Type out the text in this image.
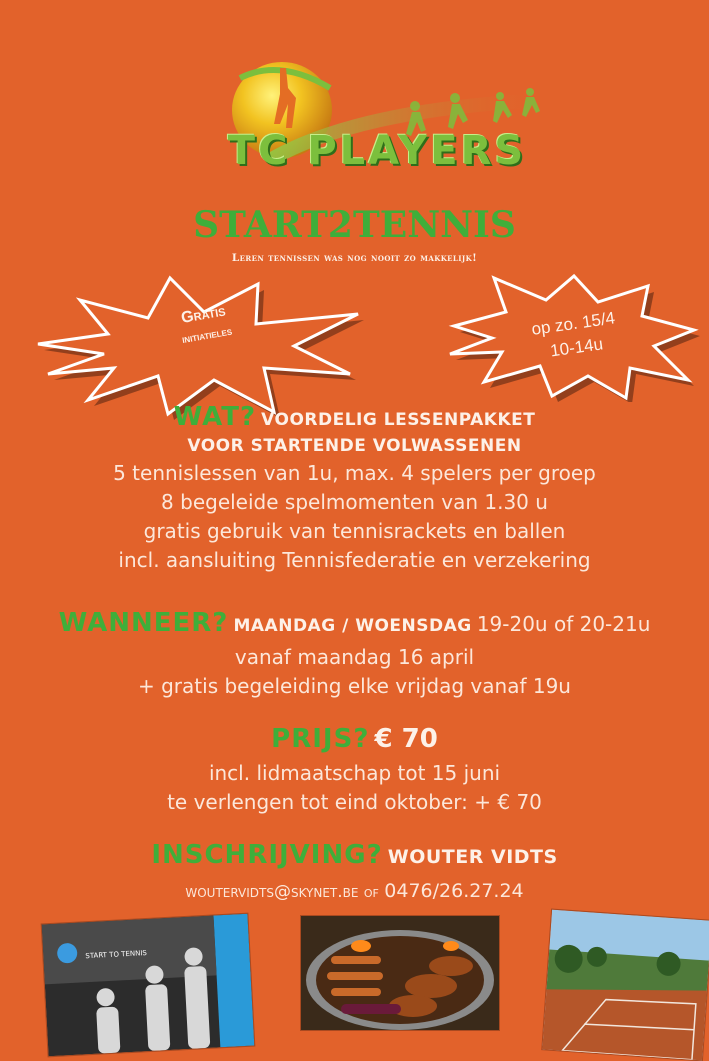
TC PLAYERS
START2TENNIS
Leren tennissen was nog nooit zo makkelijk!
Gratis
initiatieles	op zo. 15/4
10-14u
WAT? VOORDELIG LESSENPAKKET
VOOR STARTENDE VOLWASSENEN
5 tennislessen van 1u, max. 4 spelers per groep
8 begeleide spelmomenten van 1.30 u
gratis gebruik van tennisrackets en ballen
incl. aansluiting Tennisfederatie en verzekering
WANNEER? MAANDAG / WOENSDAG 19-20u of 20-21u
vanaf maandag 16 april
+ gratis begeleiding elke vrijdag vanaf 19u
PRIJS? € 70
incl. lidmaatschap tot 15 juni
te verlengen tot eind oktober: + € 70
INSCHRIJVING? WOUTER VIDTS
woutervidts@skynet.be of 0476/26.27.24
START TO TENNIS
